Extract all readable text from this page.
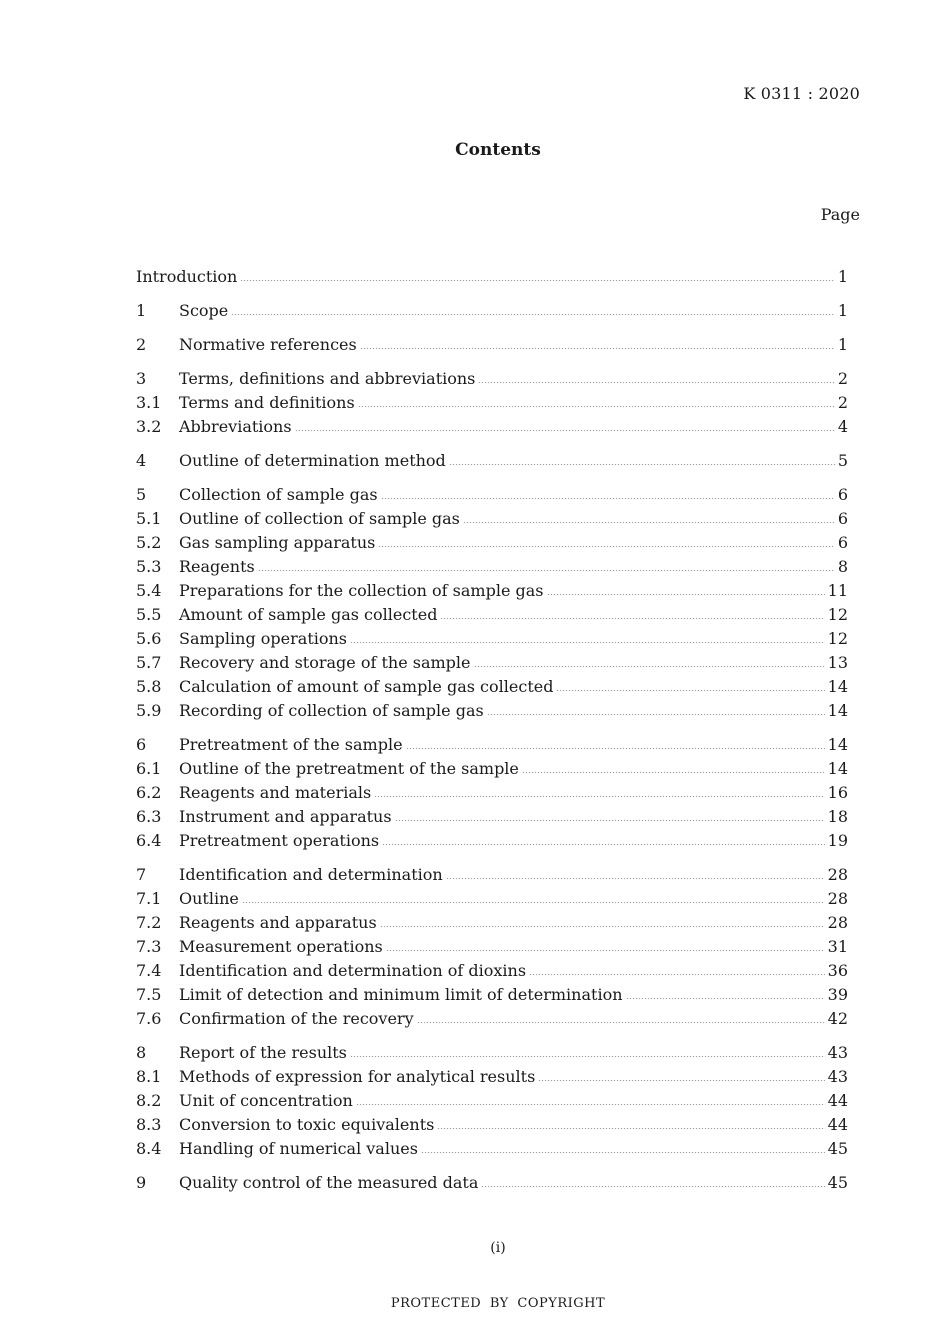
K 0311 : 2020
Contents
Page
Introduction	1
1	Scope	1
2	Normative references	1
3	Terms, definitions and abbreviations	2
3.1	Terms and definitions	2
3.2	Abbreviations	4
4	Outline of determination method	5
5	Collection of sample gas	6
5.1	Outline of collection of sample gas	6
5.2	Gas sampling apparatus	6
5.3	Reagents	8
5.4	Preparations for the collection of sample gas	11
5.5	Amount of sample gas collected	12
5.6	Sampling operations	12
5.7	Recovery and storage of the sample	13
5.8	Calculation of amount of sample gas collected	14
5.9	Recording of collection of sample gas	14
6	Pretreatment of the sample	14
6.1	Outline of the pretreatment of the sample	14
6.2	Reagents and materials	16
6.3	Instrument and apparatus	18
6.4	Pretreatment operations	19
7	Identification and determination	28
7.1	Outline	28
7.2	Reagents and apparatus	28
7.3	Measurement operations	31
7.4	Identification and determination of dioxins	36
7.5	Limit of detection and minimum limit of determination	39
7.6	Confirmation of the recovery	42
8	Report of the results	43
8.1	Methods of expression for analytical results	43
8.2	Unit of concentration	44
8.3	Conversion to toxic equivalents	44
8.4	Handling of numerical values	45
9	Quality control of the measured data	45
(i)
PROTECTED BY COPYRIGHT
